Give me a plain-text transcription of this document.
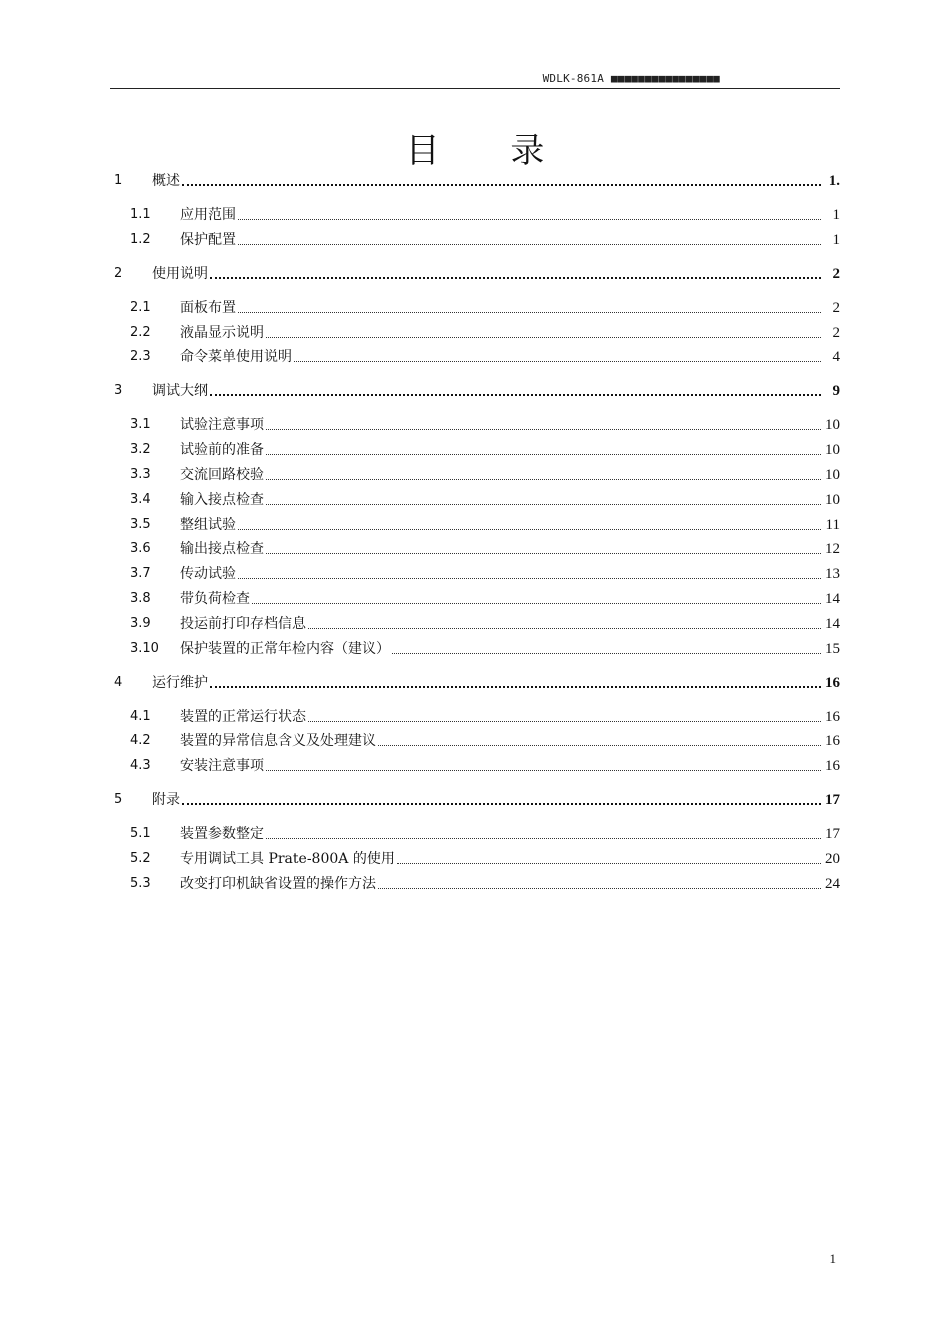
WDLK-861A ■■■■■■■■■■■■■■■■
目 录
1	概述	1.
1.1	应用范围	1
1.2	保护配置	1
2	使用说明	2
2.1	面板布置	2
2.2	液晶显示说明	2
2.3	命令菜单使用说明	4
3	调试大纲	9
3.1	试验注意事项	10
3.2	试验前的准备	10
3.3	交流回路校验	10
3.4	输入接点检查	10
3.5	整组试验	11
3.6	输出接点检查	12
3.7	传动试验	13
3.8	带负荷检查	14
3.9	投运前打印存档信息	14
3.10	保护装置的正常年检内容（建议）	15
4	运行维护	16
4.1	装置的正常运行状态	16
4.2	装置的异常信息含义及处理建议	16
4.3	安装注意事项	16
5	附录	17
5.1	装置参数整定	17
5.2	专用调试工具 Prate-800A 的使用	20
5.3	改变打印机缺省设置的操作方法	24
1
